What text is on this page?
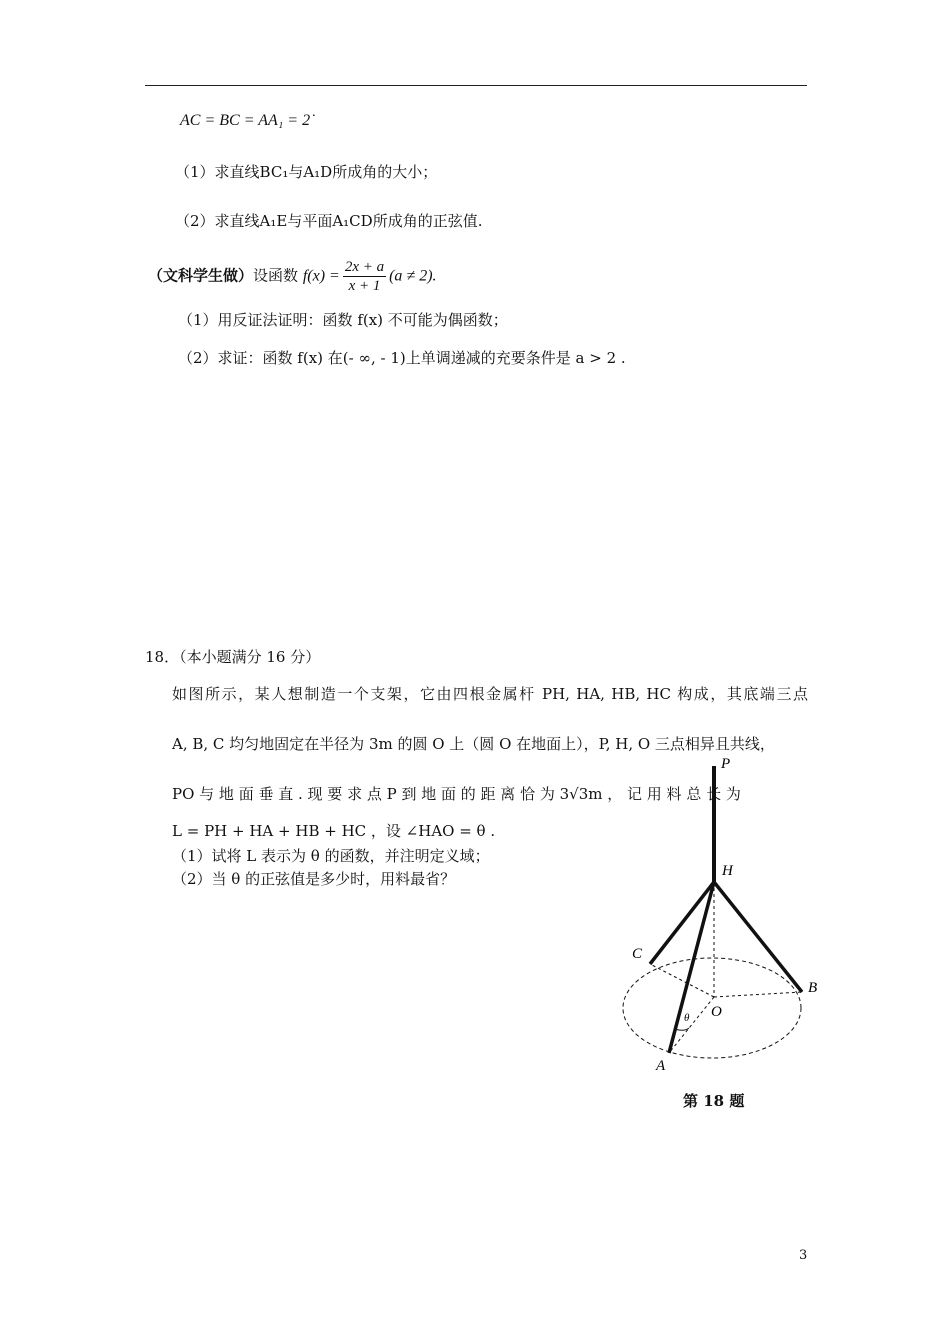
AC = BC = AA₁ = 2˙
（1）求直线BC₁与A₁D所成角的大小；
（2）求直线A₁E与平面A₁CD所成角的正弦值.
（文科学生做）设函数 $f(x) = \frac{2x + a}{x + 1} (a \ne 2)$.
（1）用反证法证明：函数 f(x) 不可能为偶函数；
（2）求证：函数 f(x) 在(- ∞, - 1)上单调递减的充要条件是 a > 2 .
18．（本小题满分 16 分）
如图所示，某人想制造一个支架，它由四根金属杆 PH, HA, HB, HC 构成，其底端三点
A, B, C 均匀地固定在半径为 3m 的圆 O 上（圆 O 在地面上），P, H, O 三点相异且共线，
PO 与 地 面 垂 直 . 现 要 求 点 P 到 地 面 的 距 离 恰 为 3√3m ， 记 用 料 总 长 为
L = PH + HA + HB + HC ，设 ∠HAO = θ .
（1）试将 L 表示为 θ 的函数，并注明定义域；
（2）当 θ 的正弦值是多少时，用料最省？
P
H
C
B
O
A
θ
第 18 题
3
